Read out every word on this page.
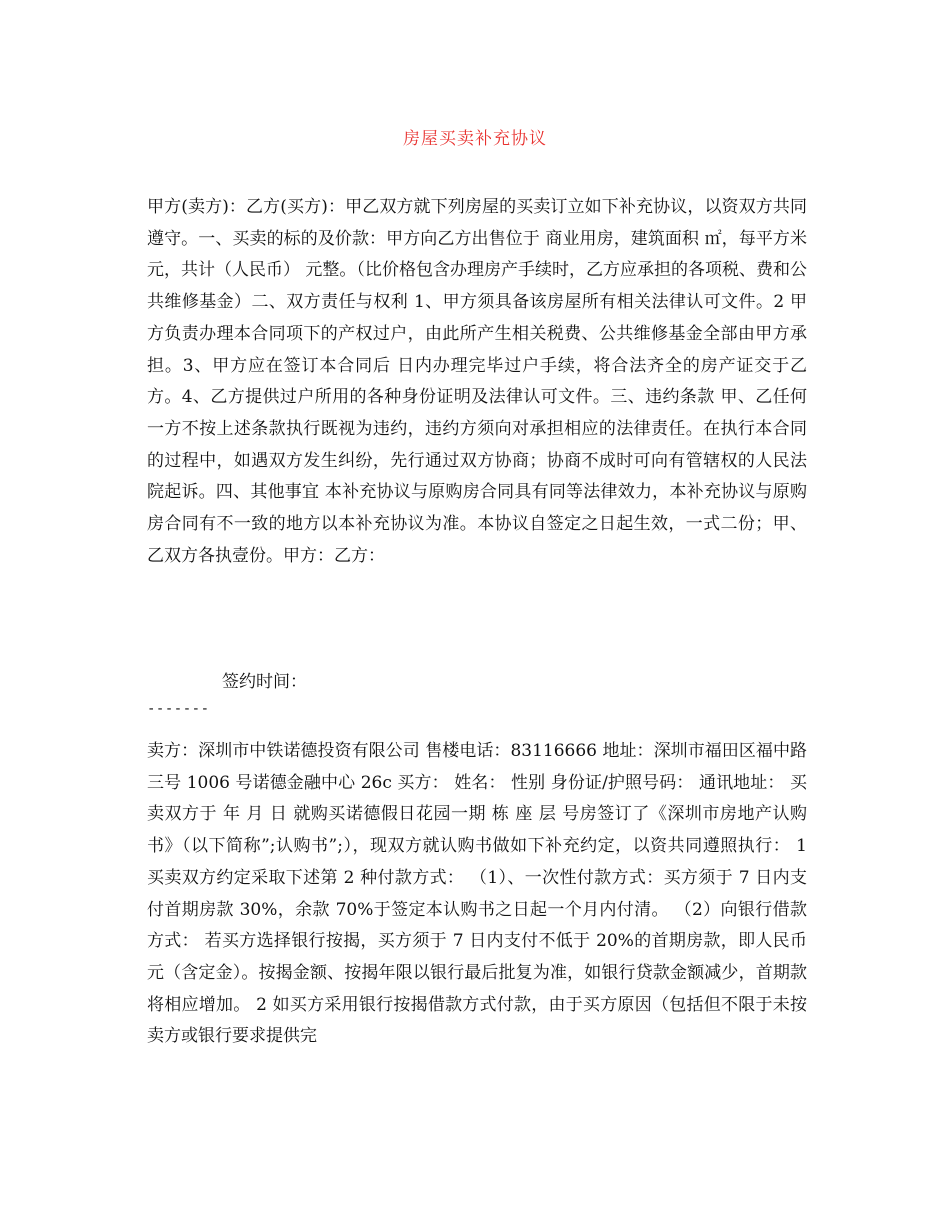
房屋买卖补充协议
甲方(卖方)：乙方(买方)：甲乙双方就下列房屋的买卖订立如下补充协议，以资双方共同遵守。一、买卖的标的及价款：甲方向乙方出售位于 商业用房，建筑面积 ㎡，每平方米 元，共计（人民币） 元整。（比价格包含办理房产手续时，乙方应承担的各项税、费和公共维修基金）二、双方责任与权利 1、甲方须具备该房屋所有相关法律认可文件。2 甲方负责办理本合同项下的产权过户，由此所产生相关税费、公共维修基金全部由甲方承担。3、甲方应在签订本合同后 日内办理完毕过户手续，将合法齐全的房产证交于乙方。4、乙方提供过户所用的各种身份证明及法律认可文件。三、违约条款 甲、乙任何一方不按上述条款执行既视为违约，违约方须向对承担相应的法律责任。在执行本合同的过程中，如遇双方发生纠纷，先行通过双方协商；协商不成时可向有管辖权的人民法院起诉。四、其他事宜 本补充协议与原购房合同具有同等法律效力，本补充协议与原购房合同有不一致的地方以本补充协议为准。本协议自签定之日起生效，一式二份；甲、乙双方各执壹份。甲方：乙方：
签约时间：
-------
卖方：深圳市中铁诺德投资有限公司 售楼电话：83116666 地址：深圳市福田区福中路三号 1006 号诺德金融中心 26c 买方： 姓名： 性别 身份证/护照号码： 通讯地址： 买卖双方于 年 月 日 就购买诺德假日花园一期 栋 座 层 号房签订了《深圳市房地产认购书》（以下简称”;认购书”;），现双方就认购书做如下补充约定，以资共同遵照执行： 1 买卖双方约定采取下述第 2 种付款方式： （1）、一次性付款方式：买方须于 7 日内支付首期房款 30%，余款 70%于签定本认购书之日起一个月内付清。 （2）向银行借款方式： 若买方选择银行按揭，买方须于 7 日内支付不低于 20%的首期房款，即人民币 元（含定金）。按揭金额、按揭年限以银行最后批复为准，如银行贷款金额减少，首期款将相应增加。 2 如买方采用银行按揭借款方式付款，由于买方原因（包括但不限于未按卖方或银行要求提供完
